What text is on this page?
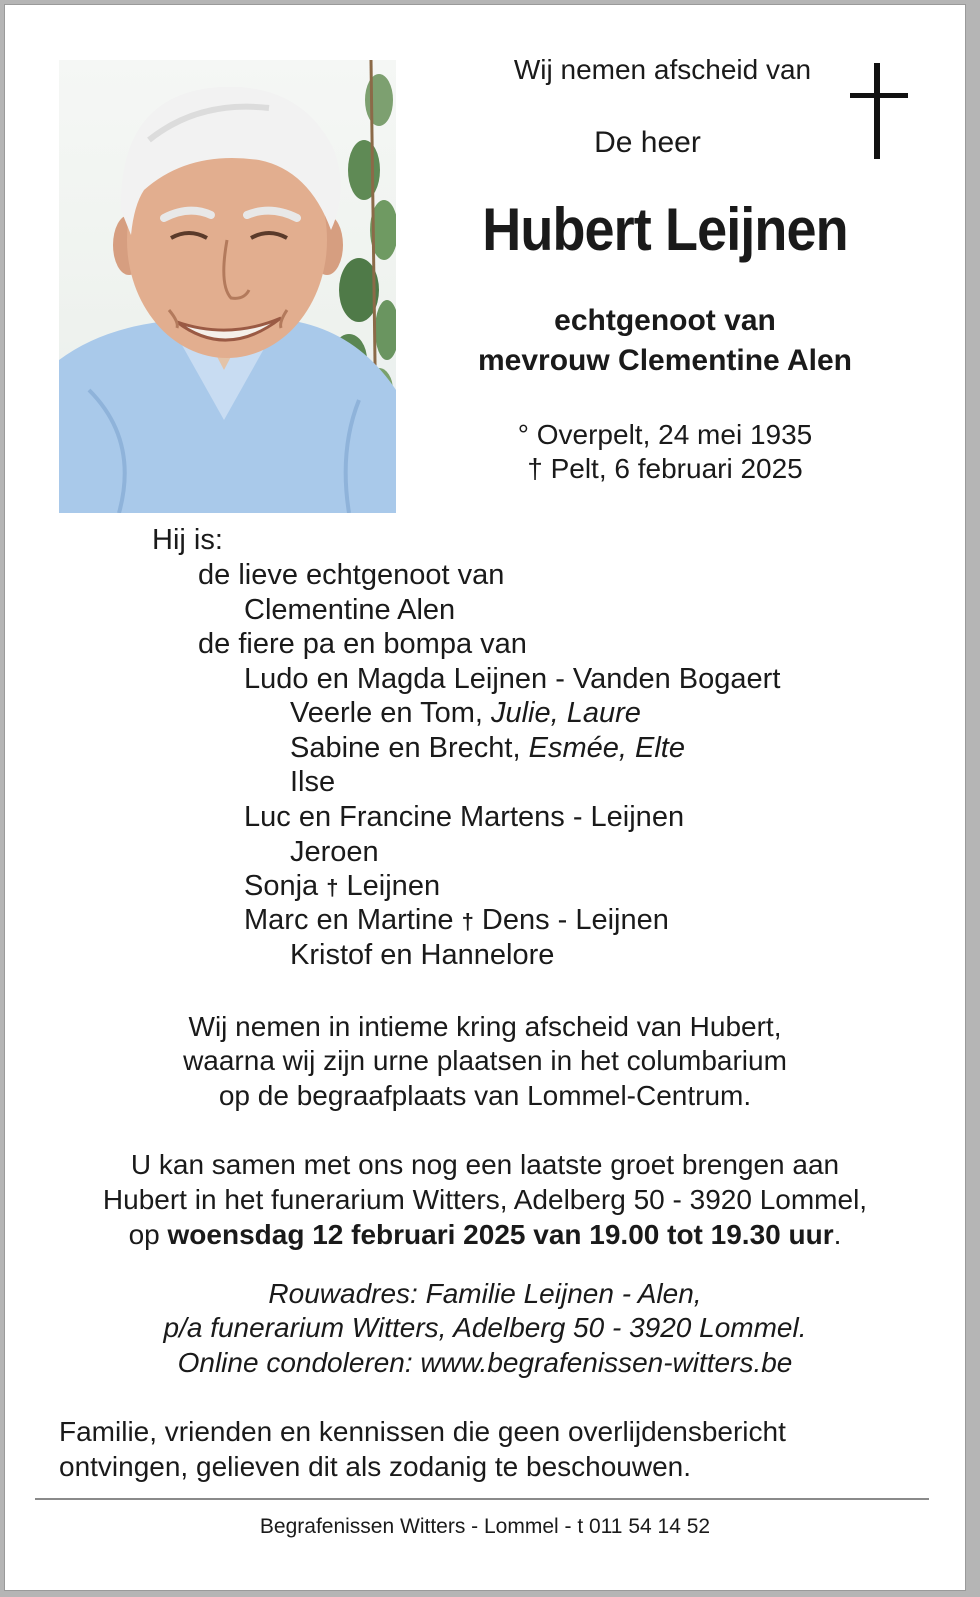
Wij nemen afscheid van
De heer
Hubert Leijnen
echtgenoot van
mevrouw Clementine Alen
° Overpelt, 24 mei 1935
† Pelt, 6 februari 2025
Hij is:
de lieve echtgenoot van
Clementine Alen
de fiere pa en bompa van
Ludo en Magda Leijnen - Vanden Bogaert
Veerle en Tom, Julie, Laure
Sabine en Brecht, Esmée, Elte
Ilse
Luc en Francine Martens - Leijnen
Jeroen
Sonja † Leijnen
Marc en Martine † Dens - Leijnen
Kristof en Hannelore
Wij nemen in intieme kring afscheid van Hubert,
waarna wij zijn urne plaatsen in het columbarium
op de begraafplaats van Lommel-Centrum.
U kan samen met ons nog een laatste groet brengen aan
Hubert in het funerarium Witters, Adelberg 50 - 3920 Lommel,
op woensdag 12 februari 2025 van 19.00 tot 19.30 uur.
Rouwadres: Familie Leijnen - Alen,
p/a funerarium Witters, Adelberg 50 - 3920 Lommel.
Online condoleren: www.begrafenissen-witters.be
Familie, vrienden en kennissen die geen overlijdensbericht
ontvingen, gelieven dit als zodanig te beschouwen.
Begrafenissen Witters - Lommel - t 011 54 14 52
